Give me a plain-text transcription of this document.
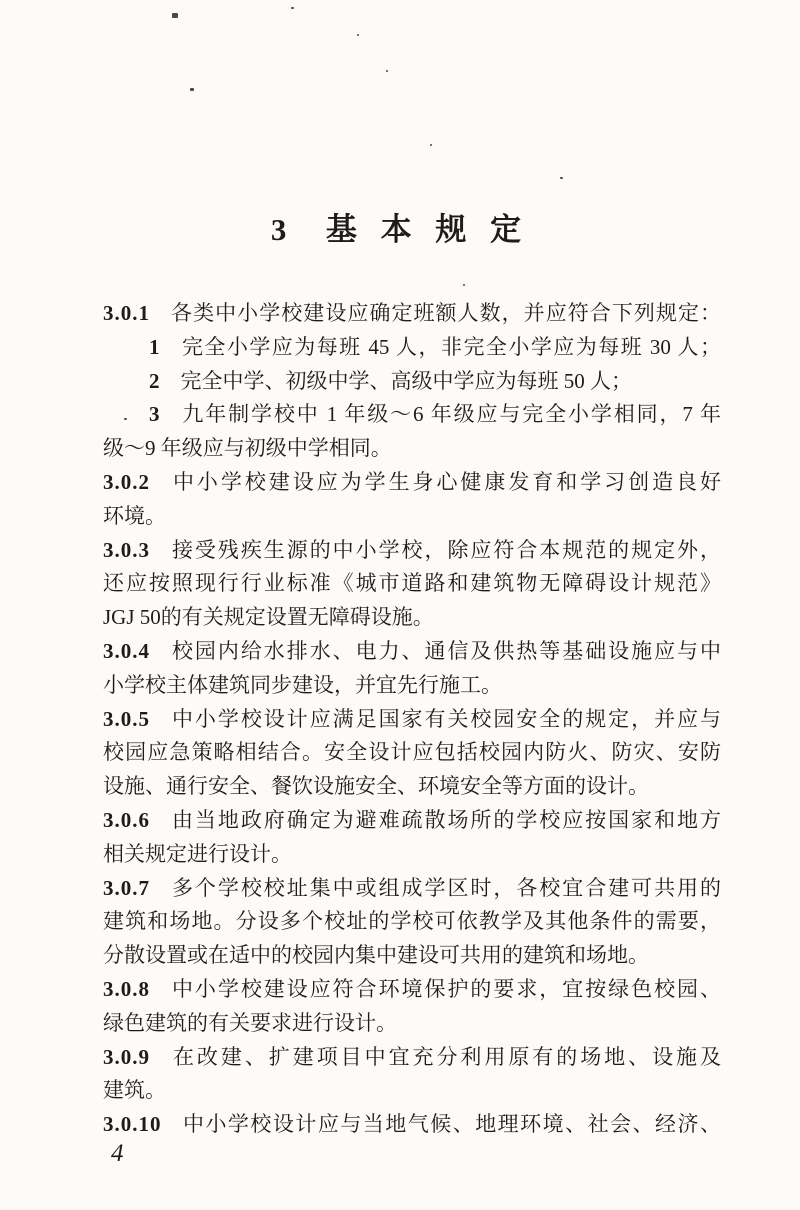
3  基 本 规 定
3.0.1 各类中小学校建设应确定班额人数，并应符合下列规定：
1 完全小学应为每班 45 人，非完全小学应为每班 30 人；
2 完全中学、初级中学、高级中学应为每班 50 人；
3 九年制学校中 1 年级～6 年级应与完全小学相同，7 年
级～9 年级应与初级中学相同。
3.0.2 中小学校建设应为学生身心健康发育和学习创造良好
环境。
3.0.3 接受残疾生源的中小学校，除应符合本规范的规定外，
还应按照现行行业标准《城市道路和建筑物无障碍设计规范》
JGJ 50的有关规定设置无障碍设施。
3.0.4 校园内给水排水、电力、通信及供热等基础设施应与中
小学校主体建筑同步建设，并宜先行施工。
3.0.5 中小学校设计应满足国家有关校园安全的规定，并应与
校园应急策略相结合。安全设计应包括校园内防火、防灾、安防
设施、通行安全、餐饮设施安全、环境安全等方面的设计。
3.0.6 由当地政府确定为避难疏散场所的学校应按国家和地方
相关规定进行设计。
3.0.7 多个学校校址集中或组成学区时，各校宜合建可共用的
建筑和场地。分设多个校址的学校可依教学及其他条件的需要，
分散设置或在适中的校园内集中建设可共用的建筑和场地。
3.0.8 中小学校建设应符合环境保护的要求，宜按绿色校园、
绿色建筑的有关要求进行设计。
3.0.9 在改建、扩建项目中宜充分利用原有的场地、设施及
建筑。
3.0.10 中小学校设计应与当地气候、地理环境、社会、经济、
4
